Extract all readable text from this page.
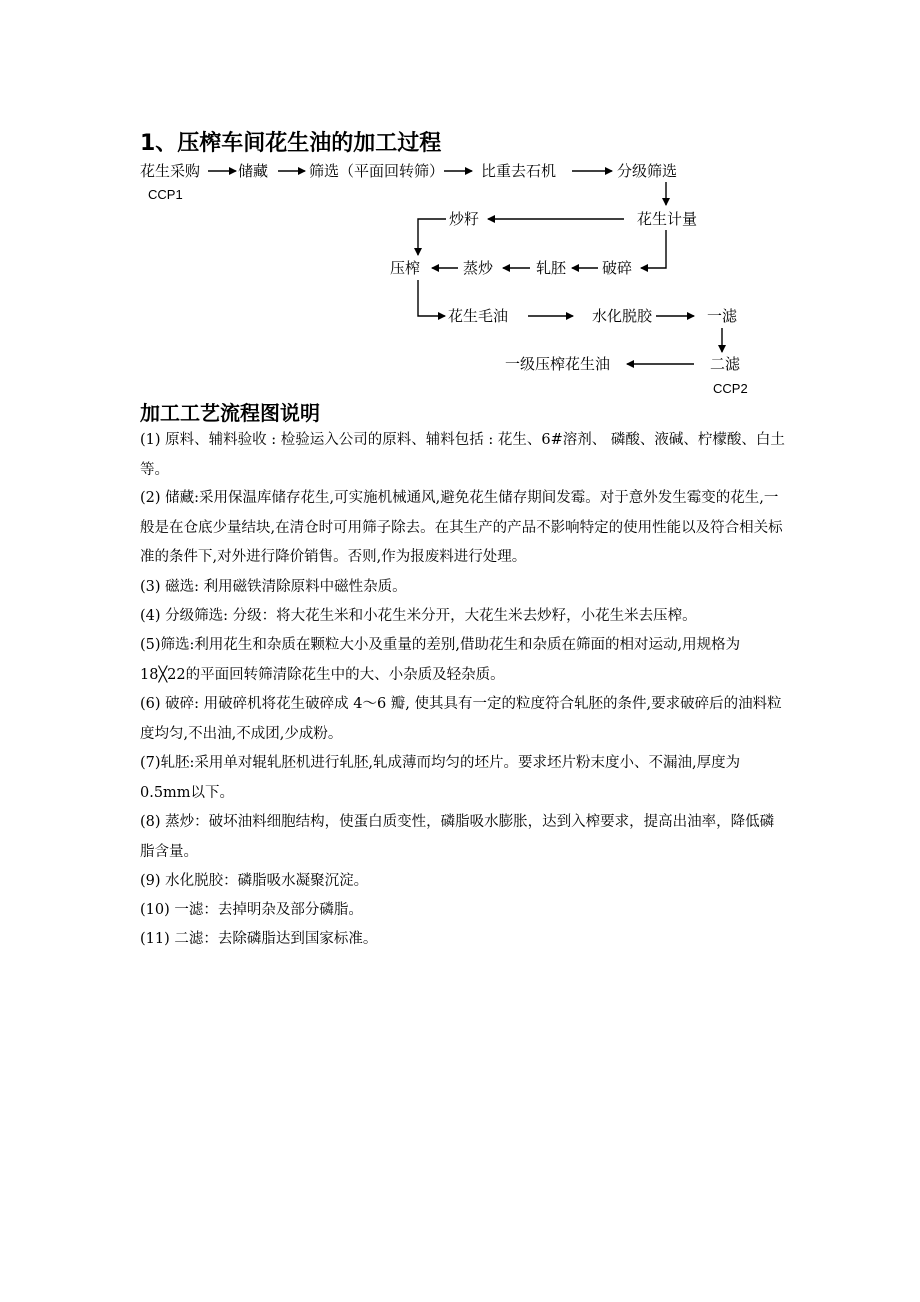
1、压榨车间花生油的加工过程
花生采购
CCP1
储藏	筛选（平面回转筛） 比重去石机	分级筛选
炒籽	花生计量
压榨	蒸炒	轧胚 破碎
花生毛油	水化脱胶	一滤
一级压榨花生油	二滤
CCP2
加工工艺流程图说明
(1) 原料、辅料验收 : 检验运入公司的原料、辅料包括 : 花生、6#溶剂、 磷酸、液碱、柠檬酸、白土等。
(2) 储藏:采用保温库储存花生,可实施机械通风,避免花生储存期间发霉。对于意外发生霉变的花生,一般是在仓底少量结块,在清仓时可用筛子除去。在其生产的产品不影响特定的使用性能以及符合相关标准的条件下,对外进行降价销售。否则,作为报废料进行处理。
(3) 磁选: 利用磁铁清除原料中磁性杂质。
(4) 分级筛选: 分级：将大花生米和小花生米分开，大花生米去炒籽，小花生米去压榨。
(5)筛选:利用花生和杂质在颗粒大小及重量的差别,借助花生和杂质在筛面的相对运动,用规格为18╳22的平面回转筛清除花生中的大、小杂质及轻杂质。
(6) 破碎: 用破碎机将花生破碎成 4～6 瓣, 使其具有一定的粒度符合轧胚的条件,要求破碎后的油料粒度均匀,不出油,不成团,少成粉。
(7)轧胚:采用单对辊轧胚机进行轧胚,轧成薄而均匀的坯片。要求坯片粉末度小、不漏油,厚度为 0.5mm以下。
(8) 蒸炒：破坏油料细胞结构，使蛋白质变性，磷脂吸水膨胀，达到入榨要求，提高出油率，降低磷脂含量。
(9) 水化脱胶：磷脂吸水凝聚沉淀。
(10) 一滤：去掉明杂及部分磷脂。
(11) 二滤：去除磷脂达到国家标准。
